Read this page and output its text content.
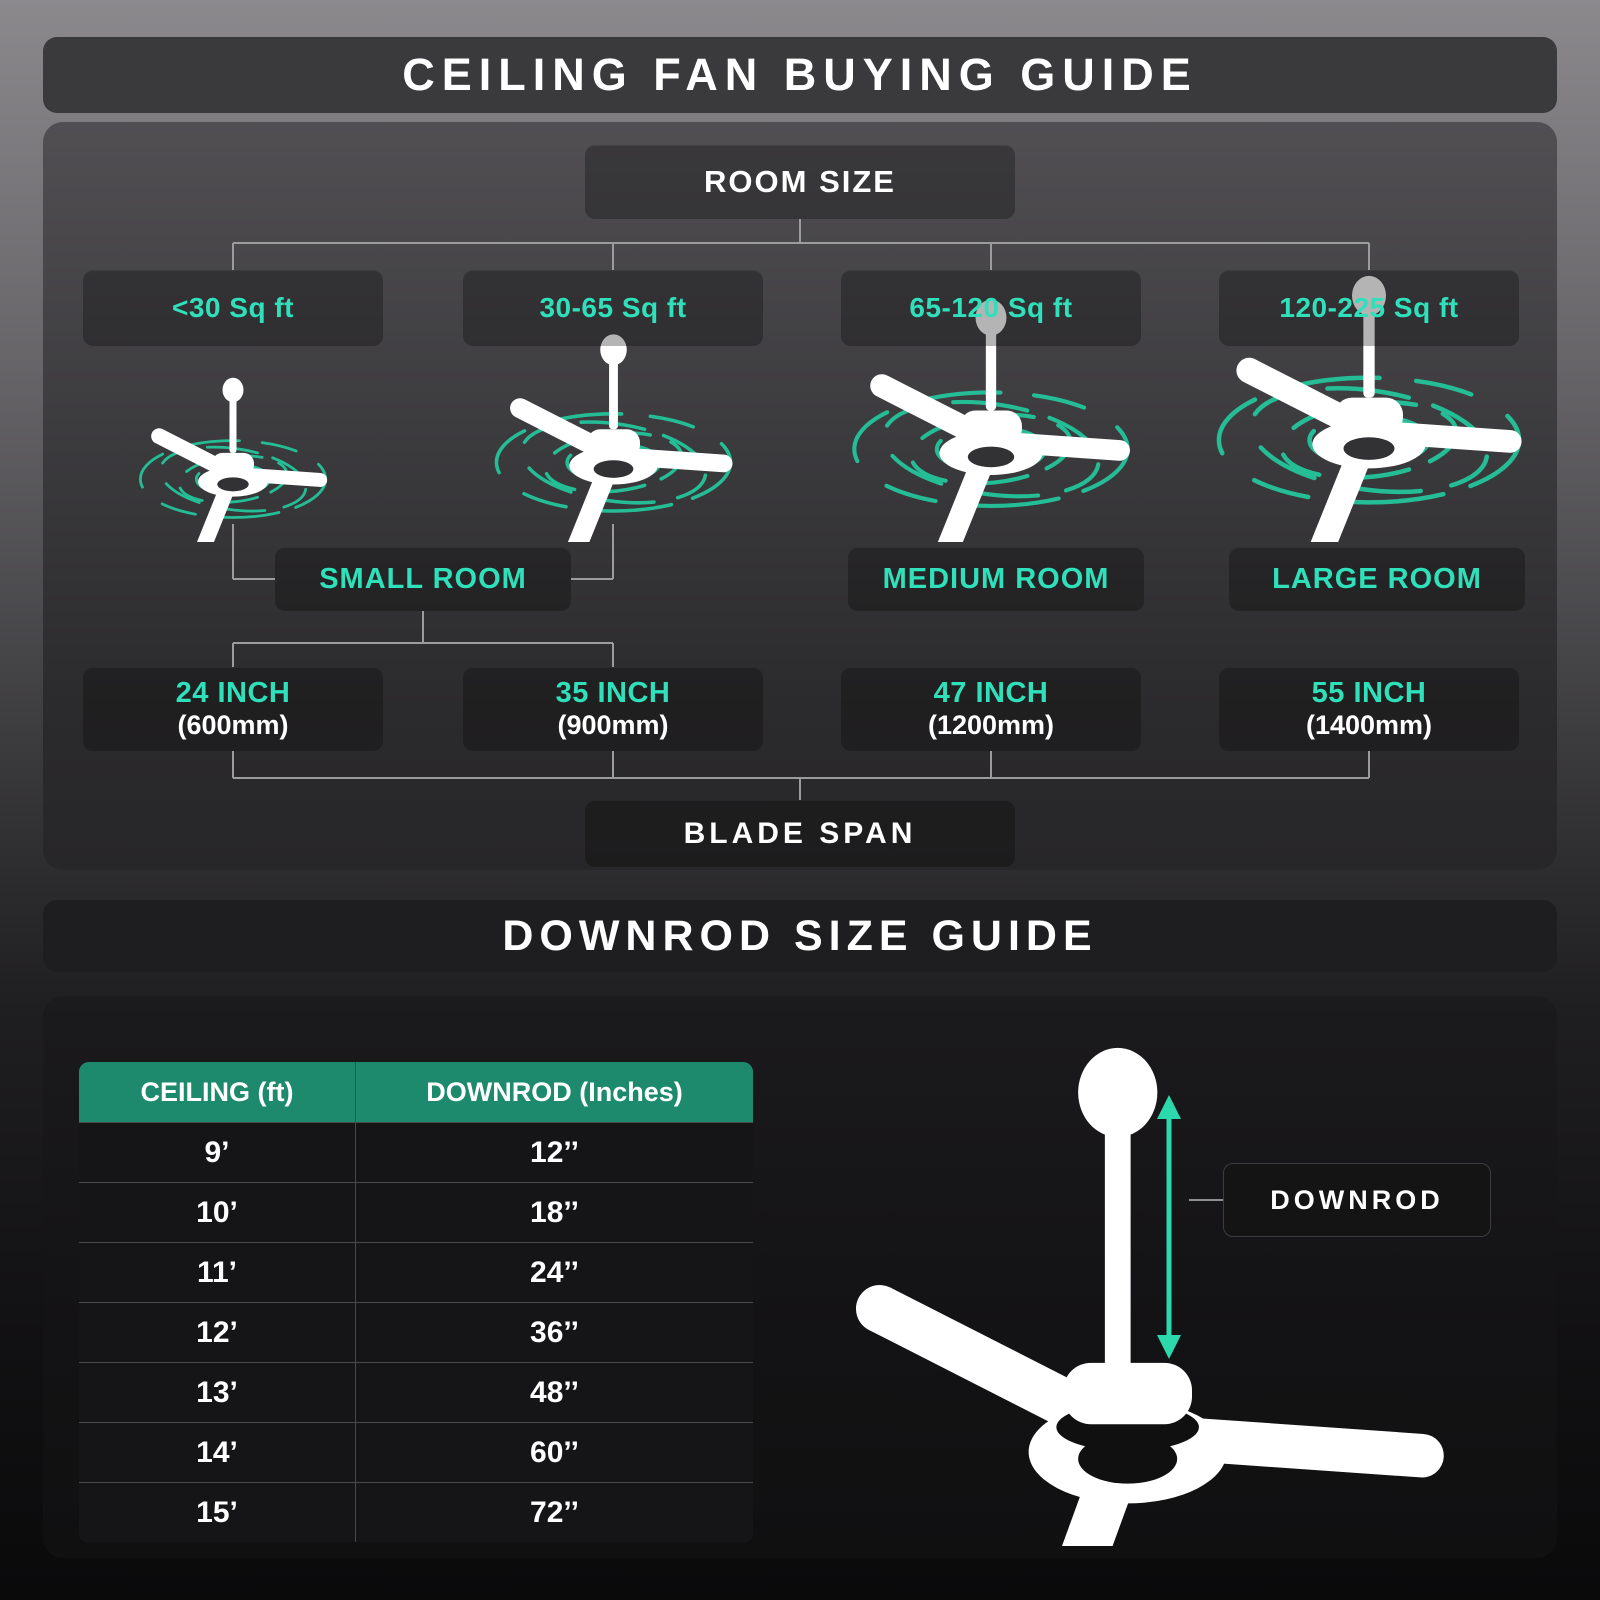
CEILING FAN BUYING GUIDE
ROOM SIZE
<30 Sq ft	30-65 Sq ft	65-120 Sq ft	120-225 Sq ft
SMALL ROOM	MEDIUM ROOM	LARGE ROOM
24 INCH
(600mm)
35 INCH
(900mm)
47 INCH
(1200mm)
55 INCH
(1400mm)
BLADE SPAN
DOWNROD SIZE GUIDE
CEILING (ft)	DOWNROD (Inches)
9’	12’’
10’	18’’
11’	24’’
12’	36’’
13’	48’’
14’	60’’
15’	72’’
DOWNROD
